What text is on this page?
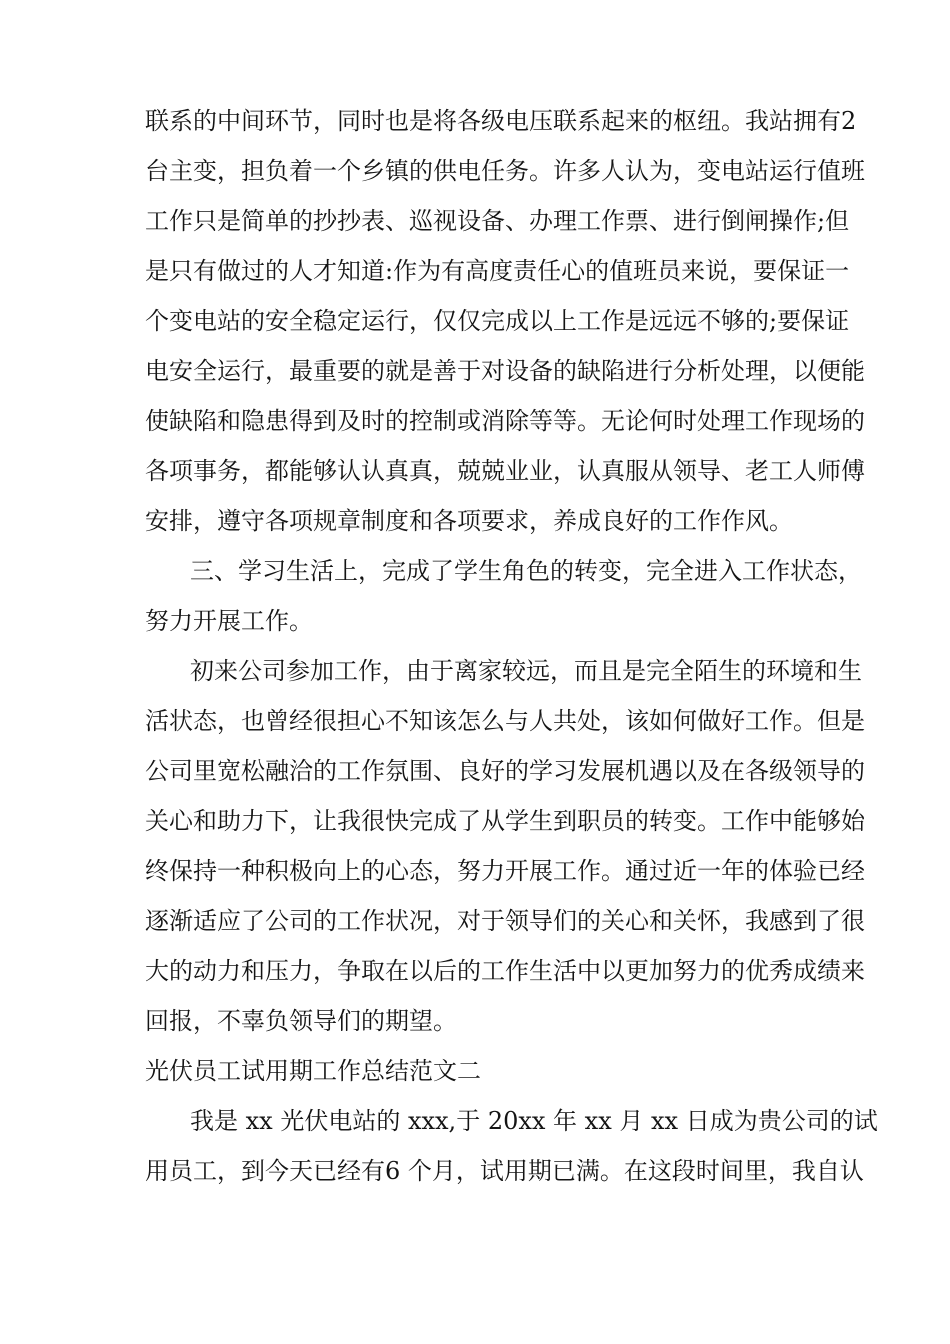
联系的中间环节，同时也是将各级电压联系起来的枢纽。我站拥有2
台主变，担负着一个乡镇的供电任务。许多人认为，变电站运行值班
工作只是简单的抄抄表、巡视设备、办理工作票、进行倒闸操作;但
是只有做过的人才知道:作为有高度责任心的值班员来说，要保证一
个变电站的安全稳定运行，仅仅完成以上工作是远远不够的;要保证
电安全运行，最重要的就是善于对设备的缺陷进行分析处理，以便能
使缺陷和隐患得到及时的控制或消除等等。无论何时处理工作现场的
各项事务，都能够认认真真，兢兢业业，认真服从领导、老工人师傅
安排，遵守各项规章制度和各项要求，养成良好的工作作风。
三、学习生活上，完成了学生角色的转变，完全进入工作状态，
努力开展工作。
初来公司参加工作，由于离家较远，而且是完全陌生的环境和生
活状态，也曾经很担心不知该怎么与人共处，该如何做好工作。但是
公司里宽松融洽的工作氛围、良好的学习发展机遇以及在各级领导的
关心和助力下，让我很快完成了从学生到职员的转变。工作中能够始
终保持一种积极向上的心态，努力开展工作。通过近一年的体验已经
逐渐适应了公司的工作状况，对于领导们的关心和关怀，我感到了很
大的动力和压力，争取在以后的工作生活中以更加努力的优秀成绩来
回报，不辜负领导们的期望。
光伏员工试用期工作总结范文二
我是 xx 光伏电站的 xxx,于 20xx 年 xx 月 xx 日成为贵公司的试
用员工，到今天已经有6 个月，试用期已满。在这段时间里，我自认
